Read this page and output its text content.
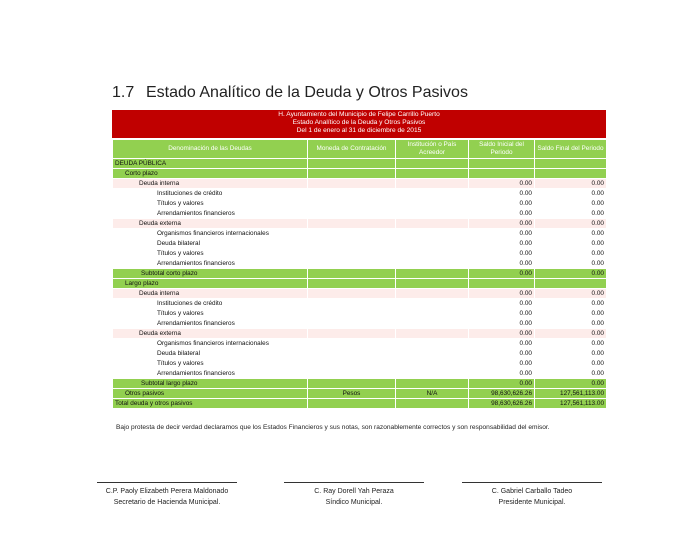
1.7 Estado Analítico de la Deuda y Otros Pasivos
H. Ayuntamiento del Municipio de Felipe Carrillo Puerto
Estado Analítico de la Deuda y Otros Pasivos
Del 1 de enero al 31 de diciembre de 2015
Denominación de las Deudas	Moneda de Contratación	Institución o País Acreedor	Saldo Inicial del Periodo	Saldo Final del Periodo
DEUDA PÚBLICA				
Corto plazo				
Deuda interna			0.00	0.00
Instituciones de crédito			0.00	0.00
Títulos y valores			0.00	0.00
Arrendamientos financieros			0.00	0.00
Deuda externa			0.00	0.00
Organismos financieros internacionales			0.00	0.00
Deuda bilateral			0.00	0.00
Títulos y valores			0.00	0.00
Arrendamientos financieros			0.00	0.00
Subtotal corto plazo			0.00	0.00
Largo plazo				
Deuda interna			0.00	0.00
Instituciones de crédito			0.00	0.00
Títulos y valores			0.00	0.00
Arrendamientos financieros			0.00	0.00
Deuda externa			0.00	0.00
Organismos financieros internacionales			0.00	0.00
Deuda bilateral			0.00	0.00
Títulos y valores			0.00	0.00
Arrendamientos financieros			0.00	0.00
Subtotal largo plazo			0.00	0.00
Otros pasivos	Pesos	N/A	98,630,626.26	127,561,113.00
Total deuda y otros pasivos			98,630,626.26	127,561,113.00
Bajo protesta de decir verdad declaramos que los Estados Financieros y sus notas, son razonablemente correctos y son responsabilidad del emisor.
C.P. Paoly Elizabeth Perera Maldonado
Secretario de Hacienda Municipal.
C. Ray Dorell Yah Peraza
Síndico Municipal.
C. Gabriel Carballo Tadeo
Presidente Municipal.
